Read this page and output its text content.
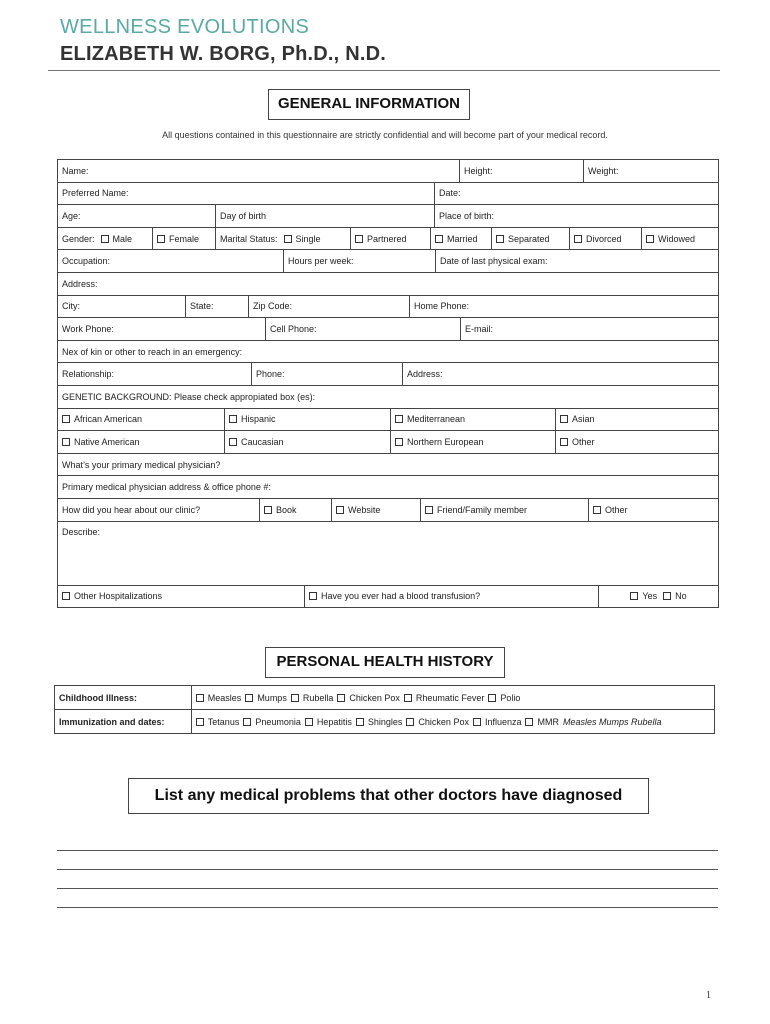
WELLNESS EVOLUTIONS
ELIZABETH W. BORG, Ph.D., N.D.
GENERAL INFORMATION
All questions contained in this questionnaire are strictly confidential and will become part of your medical record.
Name:	Height:	Weight:
Preferred Name:	Date:
Age:	Day of birth	Place of birth:
Gender: Male	Female Marital Status: Single	Partnered	Married	Separated	Divorced	Widowed
Occupation:	Hours per week:	Date of last physical exam:
Address:
City:	State:	Zip Code:	Home Phone:
Work Phone:	Cell Phone:	E-mail:
Nex of kin or other to reach in an emergency:
Relationship:	Phone:	Address:
GENETIC BACKGROUND: Please check appropiated box (es):
African American	Hispanic	Mediterranean	Asian
Native American	Caucasian	Northern European	Other
What’s your primary medical physician?
Primary medical physician address & office phone #:
How did you hear about our clinic?	Book	Website	Friend/Family member	Other
Describe:
Other Hospitalizations	Have you ever had a blood transfusion?	Yes No
PERSONAL HEALTH HISTORY
Childhood Illness:	Measles Mumps Rubella Chicken Pox Rheumatic Fever Polio
Immunization and dates:	Tetanus Pneumonia Hepatitis Shingles Chicken Pox Influenza MMR Measles Mumps Rubella
List any medical problems that other doctors have diagnosed
1
